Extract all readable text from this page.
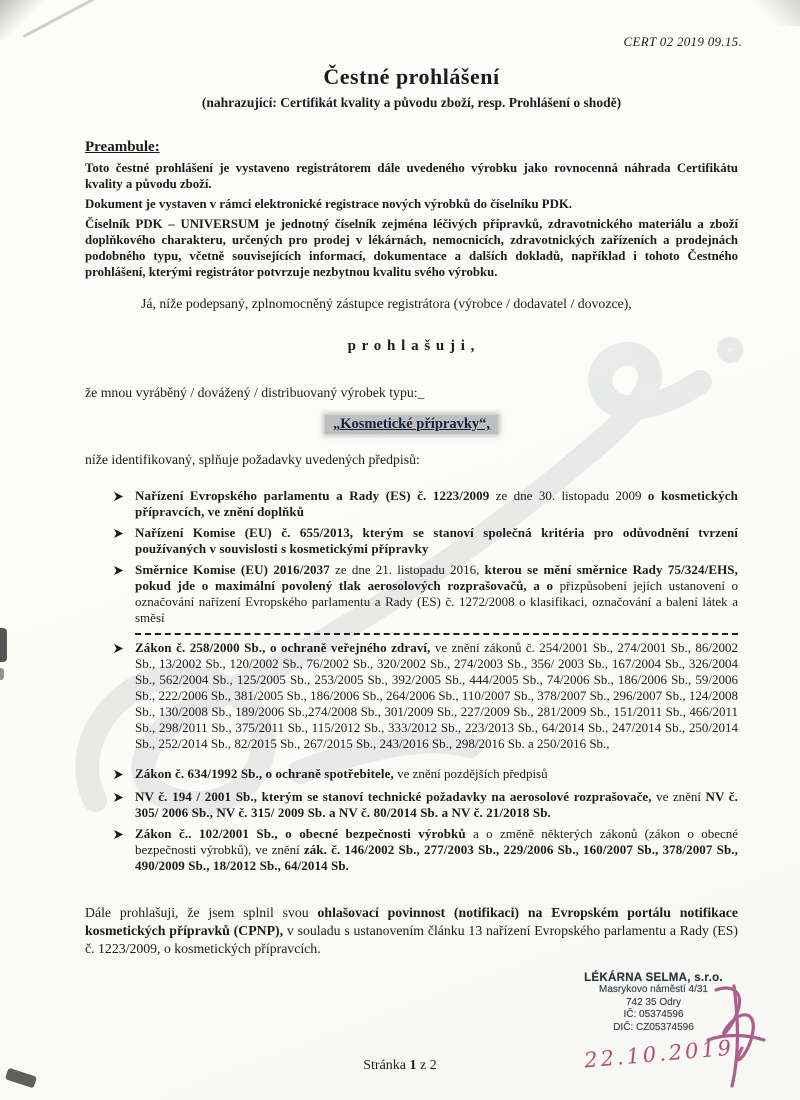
CERT 02 2019 09.15.
Čestné prohlášení
(nahrazující: Certifikát kvality a původu zboží, resp. Prohlášení o shodě)
Preambule:

Toto čestné prohlášení je vystaveno registrátorem dále uvedeného výrobku jako rovnocenná náhrada Certifikátu kvality a původu zboží.

Dokument je vystaven v rámci elektronické registrace nových výrobků do číselníku PDK.

Číselník PDK – UNIVERSUM je jednotný číselník zejména léčivých přípravků, zdravotnického materiálu a zboží doplňkového charakteru, určených pro prodej v lékárnách, nemocnicích, zdravotnických zařízeních a prodejnách podobného typu, včetně souvisejících informací, dokumentace a dalších dokladů, například i tohoto Čestného prohlášení, kterými registrátor potvrzuje nezbytnou kvalitu svého výrobku.

Já, níže podepsaný, zplnomocněný zástupce registrátora (výrobce / dodavatel / dovozce),
p r o h l a š u j i ,
že mnou vyráběný / dovážený / distribuovaný výrobek typu:_
„Kosmetické přípravky“,
níže identifikovaný, splňuje požadavky uvedených předpisů:
Nařízení Evropského parlamentu a Rady (ES) č. 1223/2009 ze dne 30. listopadu 2009 o kosmetických přípravcích, ve znění doplňků
Nařízení Komise (EU) č. 655/2013, kterým se stanoví společná kritéria pro odůvodnění tvrzení používaných v souvislosti s kosmetickými přípravky
Směrnice Komise (EU) 2016/2037 ze dne 21. listopadu 2016, kterou se mění směrnice Rady 75/324/EHS, pokud jde o maximální povolený tlak aerosolových rozprašovačů, a o přizpůsobení jejích ustanovení o označování nařízení Evropského parlamentu a Rady (ES) č. 1272/2008 o klasifikaci, označování a balení látek a směsí
Zákon č. 258/2000 Sb., o ochraně veřejného zdraví, ve znění zákonů č. 254/2001 Sb., 274/2001 Sb., 86/2002 Sb., 13/2002 Sb., 120/2002 Sb., 76/2002 Sb., 320/2002 Sb., 274/2003 Sb., 356/ 2003 Sb., 167/2004 Sb., 326/2004 Sb., 562/2004 Sb., 125/2005 Sb., 253/2005 Sb., 392/2005 Sb., 444/2005 Sb., 74/2006 Sb., 186/2006 Sb., 59/2006 Sb., 222/2006 Sb., 381/2005 Sb., 186/2006 Sb., 264/2006 Sb., 110/2007 Sb., 378/2007 Sb., 296/2007 Sb., 124/2008 Sb., 130/2008 Sb., 189/2006 Sb.,274/2008 Sb., 301/2009 Sb., 227/2009 Sb., 281/2009 Sb., 151/2011 Sb., 466/2011 Sb., 298/2011 Sb., 375/2011 Sb., 115/2012 Sb., 333/2012 Sb., 223/2013 Sb., 64/2014 Sb., 247/2014 Sb., 250/2014 Sb., 252/2014 Sb., 82/2015 Sb., 267/2015 Sb., 243/2016 Sb., 298/2016 Sb. a 250/2016 Sb.,
Zákon č. 634/1992 Sb., o ochraně spotřebitele, ve znění pozdějších předpisů
NV č. 194 / 2001 Sb., kterým se stanoví technické požadavky na aerosolové rozprašovače, ve znění NV č. 305/ 2006 Sb., NV č. 315/ 2009 Sb. a NV č. 80/2014 Sb. a NV č. 21/2018 Sb.
Zákon č.. 102/2001 Sb., o obecné bezpečnosti výrobků a o změně některých zákonů (zákon o obecné bezpečnosti výrobků), ve znění zák. č. 146/2002 Sb., 277/2003 Sb., 229/2006 Sb., 160/2007 Sb., 378/2007 Sb., 490/2009 Sb., 18/2012 Sb., 64/2014 Sb.
Dále prohlašuji, že jsem splnil svou ohlašovací povinnost (notifikaci) na Evropském portálu notifikace kosmetických přípravků (CPNP), v souladu s ustanovením článku 13 nařízení Evropského parlamentu a Rady (ES) č. 1223/2009, o kosmetických přípravcích.
LÉKÁRNA SELMA, s.r.o.
Masrykovo náměstí 4/31
742 35 Odry
IČ: 05374596
DIČ: CZ05374596
22.10.2019
Stránka 1 z 2
